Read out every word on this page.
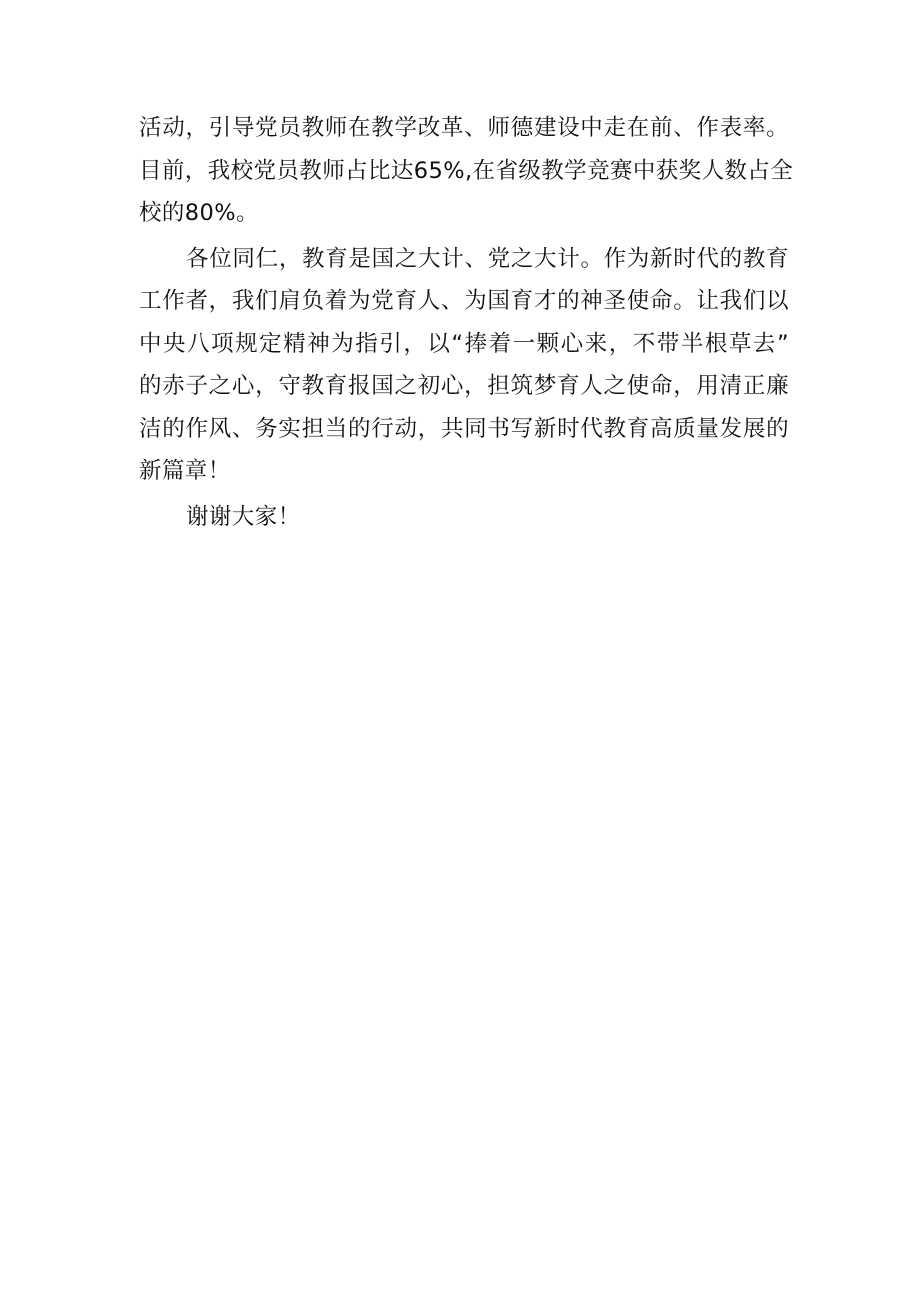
活动，引导党员教师在教学改革、师德建设中走在前、作表率。
目前，我校党员教师占比达65%,在省级教学竞赛中获奖人数占全
校的80%。

各位同仁，教育是国之大计、党之大计。作为新时代的教育

工作者，我们肩负着为党育人、为国育才的神圣使命。让我们以
中央八项规定精神为指引，以“捧着一颗心来，不带半根草去”
的赤子之心，守教育报国之初心，担筑梦育人之使命，用清正廉
洁的作风、务实担当的行动，共同书写新时代教育高质量发展的
新篇章！

谢谢大家！
